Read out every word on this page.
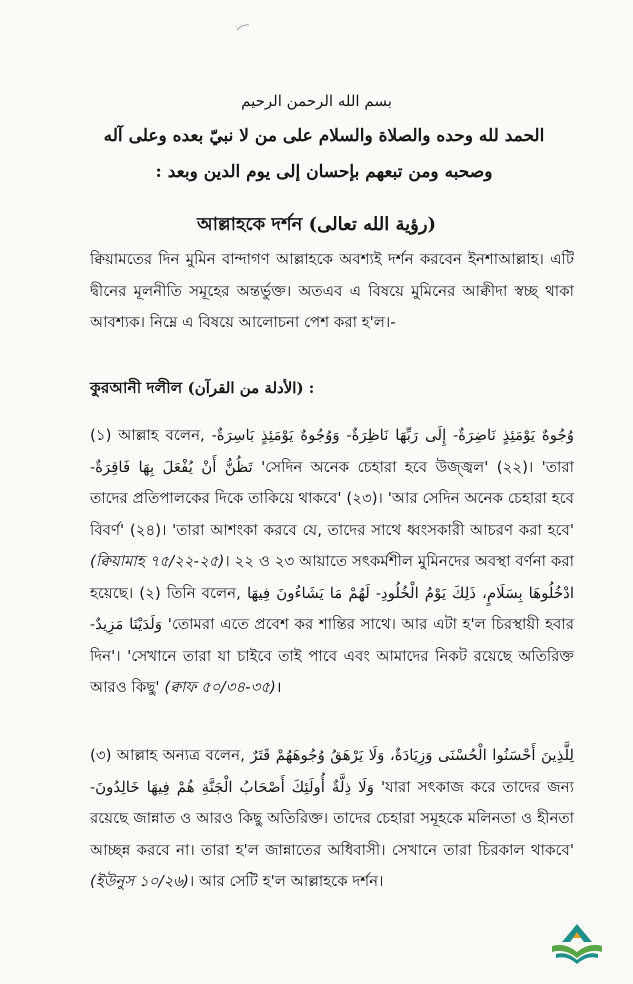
بسم الله الرحمن الرحيم
الحمد لله وحده والصلاة والسلام على من لا نبيّ بعده وعلى آله
وصحبه ومن تبعهم بإحسان إلى يوم الدين وبعد :
আল্লাহকে দর্শন (رؤية الله تعالى)
ক্বিয়ামতের দিন মুমিন বান্দাগণ আল্লাহকে অবশ্যই দর্শন করবেন ইনশাআল্লাহ। এটি দ্বীনের মূলনীতি সমূহের অন্তর্ভুক্ত। অতএব এ বিষয়ে মুমিনের আক্বীদা স্বচ্ছ থাকা আবশ্যক। নিম্নে এ বিষয়ে আলোচনা পেশ করা হ'ল।-
কুরআনী দলীল (الأدلة من القرآن) :
(১) আল্লাহ বলেন, وُجُوهٌ يَوْمَئِذٍ نَاضِرَةٌ- إِلَى رَبِّهَا نَاظِرَةٌ- وَوُجُوهٌ يَوْمَئِذٍ بَاسِرَةٌ- تَظُنُّ أَنْ يُفْعَلَ بِهَا فَاقِرَةٌ- 'সেদিন অনেক চেহারা হবে উজ্জ্বল' (২২)। 'তারা তাদের প্রতিপালকের দিকে তাকিয়ে থাকবে' (২৩)। 'আর সেদিন অনেক চেহারা হবে বিবর্ণ' (২৪)। 'তারা আশংকা করবে যে, তাদের সাথে ধ্বংসকারী আচরণ করা হবে' (ক্বিয়ামাহ ৭৫/২২-২৫)। ২২ ও ২৩ আয়াতে সৎকর্মশীল মুমিনদের অবস্থা বর্ণনা করা হয়েছে। (২) তিনি বলেন, ادْخُلُوهَا بِسَلَامٍ، ذَلِكَ يَوْمُ الْخُلُودِ- لَهُمْ مَا يَشَاءُونَ فِيهَا وَلَدَيْنَا مَزِيدٌ- 'তোমরা এতে প্রবেশ কর শান্তির সাথে। আর এটা হ'ল চিরস্থায়ী হবার দিন'। 'সেখানে তারা যা চাইবে তাই পাবে এবং আমাদের নিকট রয়েছে অতিরিক্ত আরও কিছু' (ক্বাফ ৫০/৩৪-৩৫)।
(৩) আল্লাহ অন্যত্র বলেন, لِلَّذِينَ أَحْسَنُوا الْحُسْنَى وَزِيَادَةٌ، وَلَا يَرْهَقُ وُجُوهَهُمْ قَتَرٌ وَلَا ذِلَّةٌ أُولَئِكَ أَصْحَابُ الْجَنَّةِ هُمْ فِيهَا خَالِدُونَ- 'যারা সৎকাজ করে তাদের জন্য রয়েছে জান্নাত ও আরও কিছু অতিরিক্ত। তাদের চেহারা সমূহকে মলিনতা ও হীনতা আচ্ছন্ন করবে না। তারা হ'ল জান্নাতের অধিবাসী। সেখানে তারা চিরকাল থাকবে' (ইউনুস ১০/২৬)। আর সেটি হ'ল আল্লাহকে দর্শন।
